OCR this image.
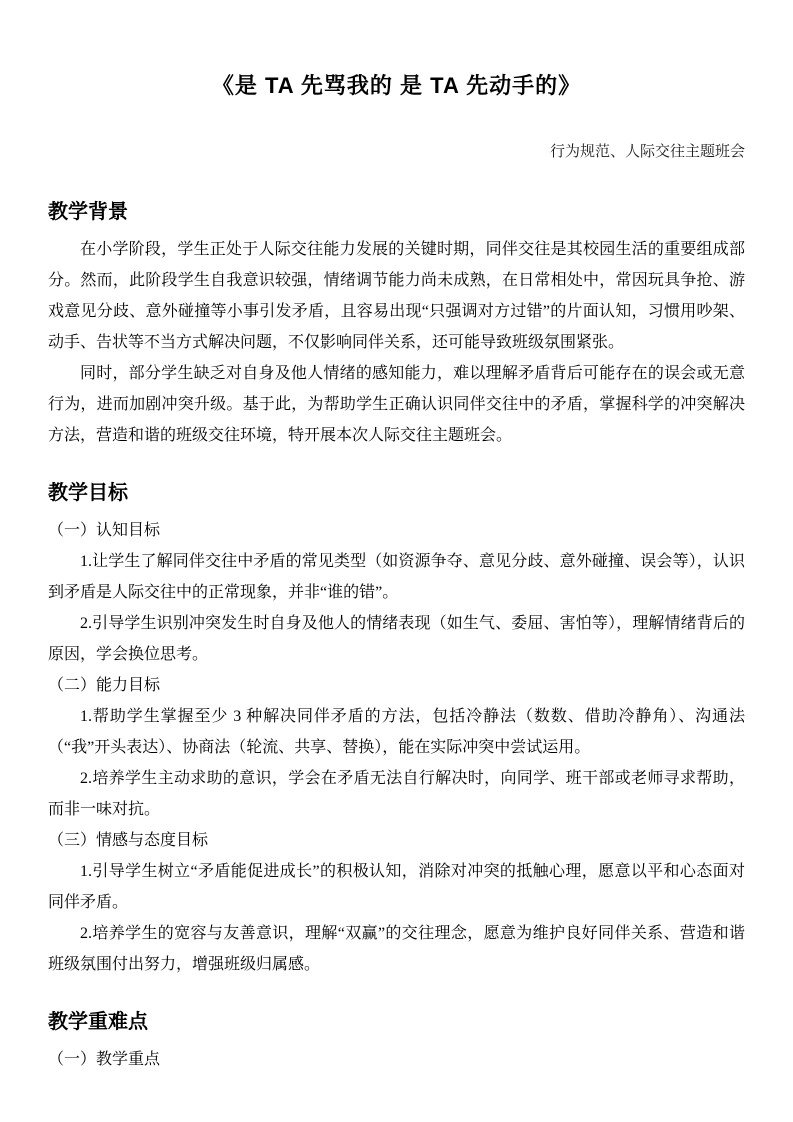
《是 TA 先骂我的 是 TA 先动手的》
行为规范、人际交往主题班会
教学背景

在小学阶段，学生正处于人际交往能力发展的关键时期，同伴交往是其校园生活的重要组成部分。然而，此阶段学生自我意识较强，情绪调节能力尚未成熟，在日常相处中，常因玩具争抢、游戏意见分歧、意外碰撞等小事引发矛盾，且容易出现“只强调对方过错”的片面认知，习惯用吵架、动手、告状等不当方式解决问题，不仅影响同伴关系，还可能导致班级氛围紧张。

同时，部分学生缺乏对自身及他人情绪的感知能力，难以理解矛盾背后可能存在的误会或无意行为，进而加剧冲突升级。基于此，为帮助学生正确认识同伴交往中的矛盾，掌握科学的冲突解决方法，营造和谐的班级交往环境，特开展本次人际交往主题班会。

教学目标

（一）认知目标

1.让学生了解同伴交往中矛盾的常见类型（如资源争夺、意见分歧、意外碰撞、误会等），认识到矛盾是人际交往中的正常现象，并非“谁的错”。

2.引导学生识别冲突发生时自身及他人的情绪表现（如生气、委屈、害怕等），理解情绪背后的原因，学会换位思考。

（二）能力目标

1.帮助学生掌握至少 3 种解决同伴矛盾的方法，包括冷静法（数数、借助冷静角）、沟通法（“我”开头表达）、协商法（轮流、共享、替换），能在实际冲突中尝试运用。

2.培养学生主动求助的意识，学会在矛盾无法自行解决时，向同学、班干部或老师寻求帮助，而非一味对抗。

（三）情感与态度目标

1.引导学生树立“矛盾能促进成长”的积极认知，消除对冲突的抵触心理，愿意以平和心态面对同伴矛盾。

2.培养学生的宽容与友善意识，理解“双赢”的交往理念，愿意为维护良好同伴关系、营造和谐班级氛围付出努力，增强班级归属感。

教学重难点

（一）教学重点
